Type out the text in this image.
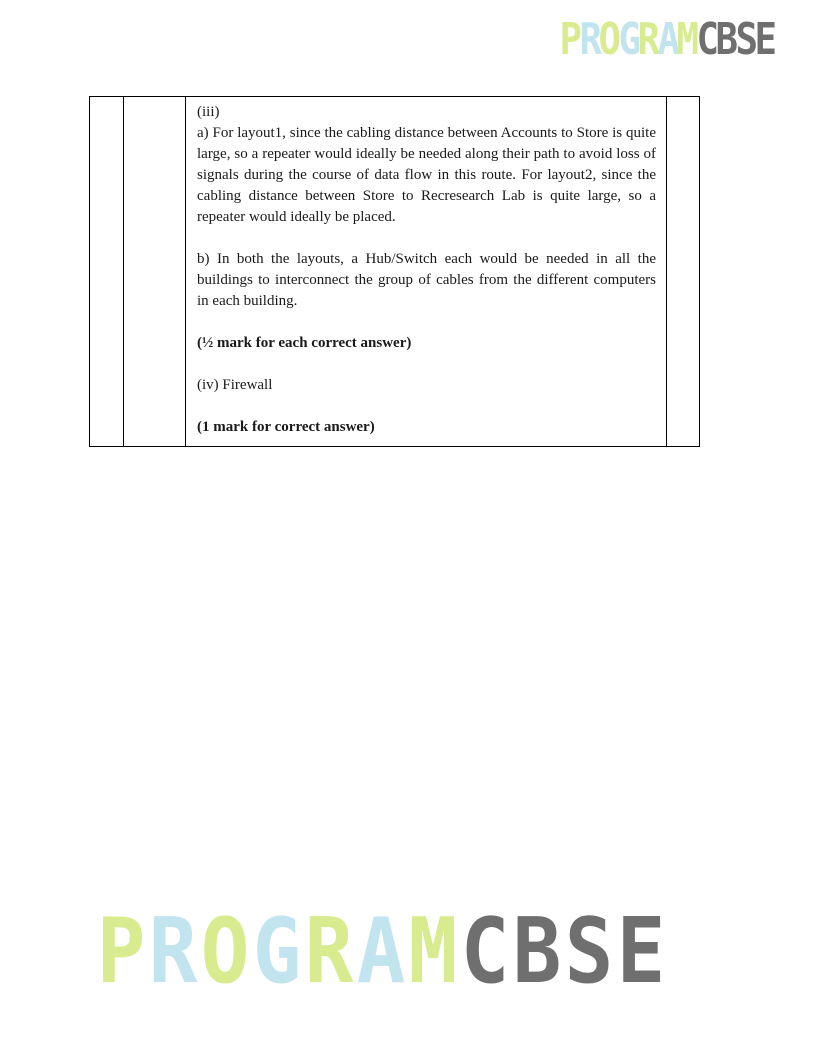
P
R
O
G
R
A
M
C
B
S
E

(iii)

a) For layout1, since the cabling distance between Accounts to Store is quite large, so a repeater would ideally be needed along their path to avoid loss of signals during the course of data flow in this route. For layout2, since the cabling distance between Store to Recresearch Lab is quite large, so a repeater would ideally be placed.

b) In both the layouts, a Hub/Switch each would be needed in all the buildings to interconnect the group of cables from the different computers in each building.

(½ mark for each correct answer)

(iv) Firewall

(1 mark for correct answer)

P R O G R A M C B S E
